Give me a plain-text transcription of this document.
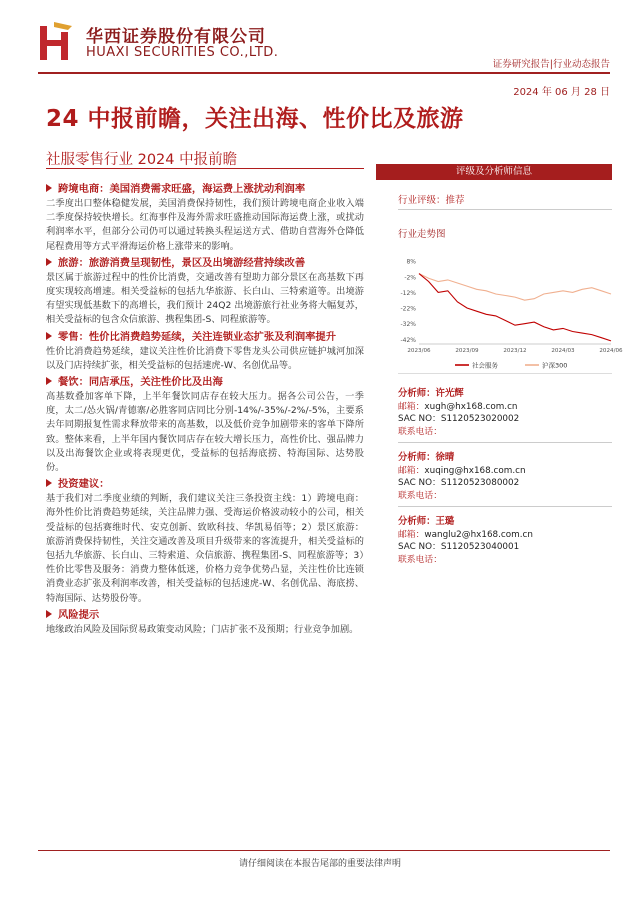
华西证券股份有限公司
HUAXI SECURITIES CO.,LTD.
证券研究报告|行业动态报告
2024 年 06 月 28 日
24 中报前瞻，关注出海、性价比及旅游
社服零售行业 2024 中报前瞻
跨境电商：美国消费需求旺盛，海运费上涨扰动利润率
二季度出口整体稳健发展，美国消费保持韧性，我们预计跨境电商企业收入端二季度保持较快增长。红海事件及海外需求旺盛推动国际海运费上涨，或扰动利润率水平，但部分公司仍可以通过转换头程运送方式、借助自营海外仓降低尾程费用等方式平滑海运价格上涨带来的影响。
旅游：旅游消费呈现韧性，景区及出境游经营持续改善
景区属于旅游过程中的性价比消费，交通改善有望助力部分景区在高基数下再度实现较高增速。相关受益标的包括九华旅游、长白山、三特索道等。出境游有望实现低基数下的高增长，我们预计 24Q2 出境游旅行社业务将大幅复苏，相关受益标的包含众信旅游、携程集团-S、同程旅游等。
零售：性价比消费趋势延续，关注连锁业态扩张及利润率提升
性价比消费趋势延续，建议关注性价比消费下零售龙头公司供应链护城河加深以及门店持续扩张，相关受益标的包括速虎-W、名创优品等。
餐饮：同店承压，关注性价比及出海
高基数叠加客单下降，上半年餐饮同店存在较大压力。据各公司公告，一季度，太二/怂火锅/青德寨/必胜客同店同比分别-14%/-35%/-2%/-5%，主要系去年同期报复性需求释放带来的高基数，以及低价竞争加剧带来的客单下降所致。整体来看，上半年国内餐饮同店存在较大增长压力，高性价比、强品牌力以及出海餐饮企业或将表现更优，受益标的包括海底捞、特海国际、达势股份。
投资建议：
基于我们对二季度业绩的判断，我们建议关注三条投资主线：1）跨境电商：海外性价比消费趋势延续，关注品牌力强、受海运价格波动较小的公司，相关受益标的包括赛维时代、安克创新、致欧科技、华凯易佰等；2）景区旅游：旅游消费保持韧性，关注交通改善及项目升级带来的客流提升，相关受益标的包括九华旅游、长白山、三特索道、众信旅游、携程集团-S、同程旅游等；3）性价比零售及服务：消费力整体低迷，价格力竞争优势凸显，关注性价比连锁消费业态扩张及利润率改善，相关受益标的包括速虎-W、名创优品、海底捞、特海国际、达势股份等。
风险提示
地缘政治风险及国际贸易政策变动风险；门店扩张不及预期；行业竞争加剧。
评级及分析师信息
行业评级：推荐
行业走势图
8%
-2%
-12%
-22%
-32%
-42%
2023/06	2023/09	2023/12	2024/03	2024/06
社会服务	沪深300
分析师：许光辉
邮箱：xugh@hx168.com.cn
SAC NO：S1120523020002
联系电话：
分析师：徐晴
邮箱：xuqing@hx168.com.cn
SAC NO：S1120523080002
联系电话：
分析师：王璐
邮箱：wanglu2@hx168.com.cn
SAC NO：S1120523040001
联系电话：
请仔细阅读在本报告尾部的重要法律声明
